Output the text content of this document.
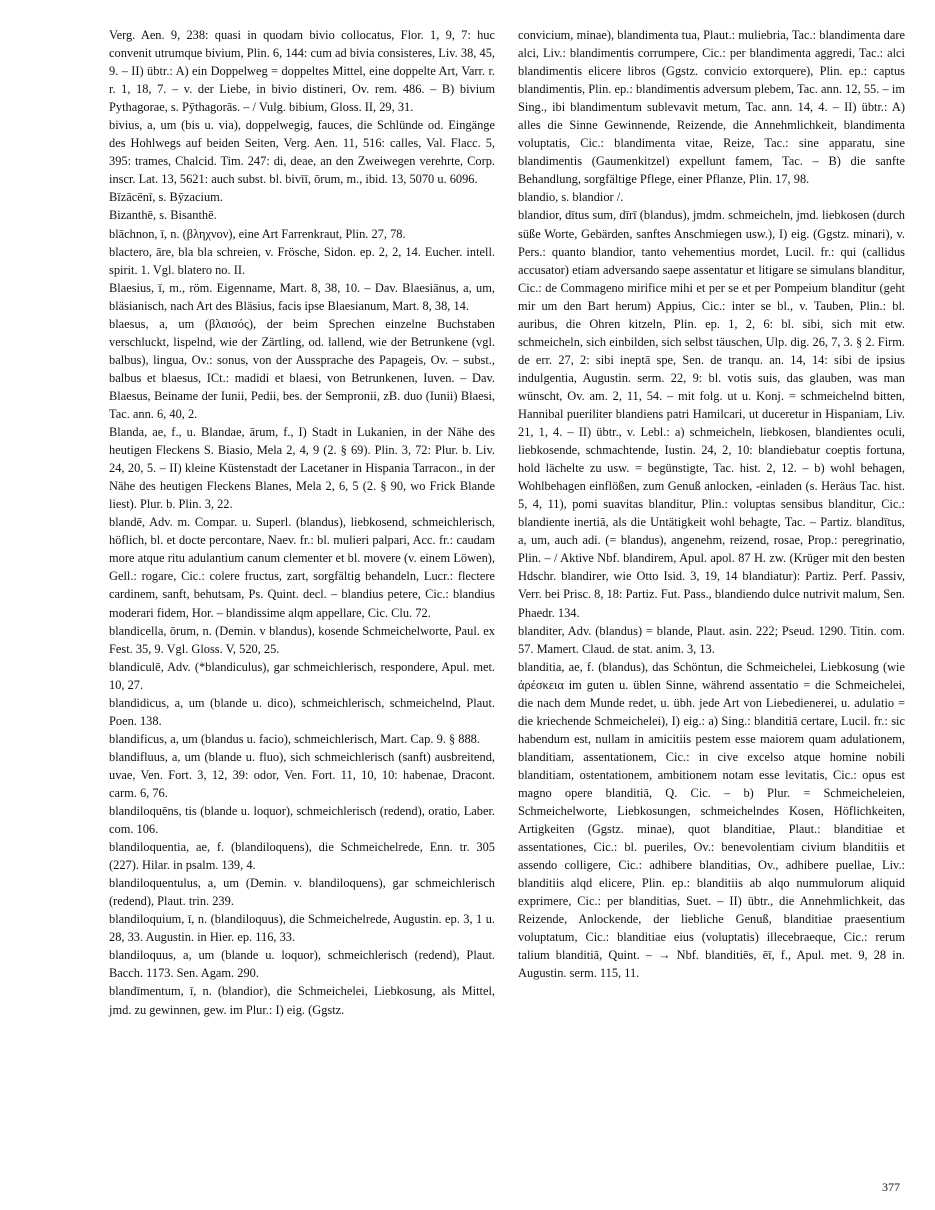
Verg. Aen. 9, 238: quasi in quodam bivio collocatus, Flor. 1, 9, 7: huc convenit utrumque bivium, Plin. 6, 144: cum ad bivia consisteres, Liv. 38, 45, 9. – II) übtr.: A) ein Doppelweg = doppeltes Mittel, eine doppelte Art, Varr. r. r. 1, 18, 7. – v. der Liebe, in bivio distineri, Ov. rem. 486. – B) bivium Pythagorae, s. Pȳthagorās. – / Vulg. bibium, Gloss. II, 29, 31.

bivius, a, um (bis u. via), doppelwegig, fauces, die Schlünde od. Eingänge des Hohlwegs auf beiden Seiten, Verg. Aen. 11, 516: calles, Val. Flacc. 5, 395: trames, Chalcid. Tim. 247: di, deae, an den Zweiwegen verehrte, Corp. inscr. Lat. 13, 5621: auch subst. bl. bivīī, ōrum, m., ibid. 13, 5070 u. 6096.

Bīzācēnī, s. Bȳzacium.

Bizanthē, s. Bisanthē.

blāchnon, ī, n. (βληχνον), eine Art Farrenkraut, Plin. 27, 78.

blactero, āre, bla bla schreien, v. Frösche, Sidon. ep. 2, 2, 14. Eucher. intell. spirit. 1. Vgl. blatero no. II.

Blaesius, ī, m., röm. Eigenname, Mart. 8, 38, 10. – Dav. Blaesiānus, a, um, bläsianisch, nach Art des Bläsius, facis ipse Blaesianum, Mart. 8, 38, 14.

blaesus, a, um (βλαισός), der beim Sprechen einzelne Buchstaben verschluckt, lispelnd, wie der Zärtling, od. lallend, wie der Betrunkene (vgl. balbus), lingua, Ov.: sonus, von der Aussprache des Papageis, Ov. – subst., balbus et blaesus, ICt.: madidi et blaesi, von Betrunkenen, Iuven. – Dav. Blaesus, Beiname der Iunii, Pedii, bes. der Sempronii, zB. duo (Iunii) Blaesi, Tac. ann. 6, 40, 2.

Blanda, ae, f., u. Blandae, ārum, f., I) Stadt in Lukanien, in der Nähe des heutigen Fleckens S. Biasio, Mela 2, 4, 9 (2. § 69). Plin. 3, 72: Plur. b. Liv. 24, 20, 5. – II) kleine Küstenstadt der Lacetaner in Hispania Tarracon., in der Nähe des heutigen Fleckens Blanes, Mela 2, 6, 5 (2. § 90, wo Frick Blande liest). Plur. b. Plin. 3, 22.

blandē, Adv. m. Compar. u. Superl. (blandus), liebkosend, schmeichlerisch, höflich, bl. et docte percontare, Naev. fr.: bl. mulieri palpari, Acc. fr.: caudam more atque ritu adulantium canum clementer et bl. movere (v. einem Löwen), Gell.: rogare, Cic.: colere fructus, zart, sorgfältig behandeln, Lucr.: flectere cardinem, sanft, behutsam, Ps. Quint. decl. – blandius petere, Cic.: blandius moderari fidem, Hor. – blandissime alqm appellare, Cic. Clu. 72.

blandicella, ōrum, n. (Demin. v blandus), kosende Schmeichelworte, Paul. ex Fest. 35, 9. Vgl. Gloss. V, 520, 25.

blandiculē, Adv. (*blandiculus), gar schmeichlerisch, respondere, Apul. met. 10, 27.

blandidicus, a, um (blande u. dico), schmeichlerisch, schmeichelnd, Plaut. Poen. 138.

blandificus, a, um (blandus u. facio), schmeichlerisch, Mart. Cap. 9. § 888.

blandifluus, a, um (blande u. fluo), sich schmeichlerisch (sanft) ausbreitend, uvae, Ven. Fort. 3, 12, 39: odor, Ven. Fort. 11, 10, 10: habenae, Dracont. carm. 6, 76.

blandiloquēns, tis (blande u. loquor), schmeichlerisch (redend), oratio, Laber. com. 106.

blandiloquentia, ae, f. (blandiloquens), die Schmeichelrede, Enn. tr. 305 (227). Hilar. in psalm. 139, 4.

blandiloquentulus, a, um (Demin. v. blandiloquens), gar schmeichlerisch (redend), Plaut. trin. 239.

blandiloquium, ī, n. (blandiloquus), die Schmeichelrede, Augustin. ep. 3, 1 u. 28, 33. Augustin. in Hier. ep. 116, 33.

blandiloquus, a, um (blande u. loquor), schmeichlerisch (redend), Plaut. Bacch. 1173. Sen. Agam. 290.

blandīmentum, ī, n. (blandior), die Schmeichelei, Liebkosung, als Mittel, jmd. zu gewinnen, gew. im Plur.: I) eig. (Ggstz.

convicium, minae), blandimenta tua, Plaut.: muliebria, Tac.: blandimenta dare alci, Liv.: blandimentis corrumpere, Cic.: per blandimenta aggredi, Tac.: alci blandimentis elicere libros (Ggstz. convicio extorquere), Plin. ep.: captus blandimentis, Plin. ep.: blandimentis adversum plebem, Tac. ann. 12, 55. – im Sing., ibi blandimentum sublevavit metum, Tac. ann. 14, 4. – II) übtr.: A) alles die Sinne Gewinnende, Reizende, die Annehmlichkeit, blandimenta voluptatis, Cic.: blandimenta vitae, Reize, Tac.: sine apparatu, sine blandimentis (Gaumenkitzel) expellunt famem, Tac. – B) die sanfte Behandlung, sorgfältige Pflege, einer Pflanze, Plin. 17, 98.

blandio, s. blandior /.

blandior, dītus sum, dīrī (blandus), jmdm. schmeicheln, jmd. liebkosen (durch süße Worte, Gebärden, sanftes Anschmiegen usw.), I) eig. (Ggstz. minari), v. Pers.: quanto blandior, tanto vehementius mordet, Lucil. fr.: qui (callidus accusator) etiam adversando saepe assentatur et litigare se simulans blanditur, Cic.: de Commageno mirifice mihi et per se et per Pompeium blanditur (geht mir um den Bart herum) Appius, Cic.: inter se bl., v. Tauben, Plin.: bl. auribus, die Ohren kitzeln, Plin. ep. 1, 2, 6: bl. sibi, sich mit etw. schmeicheln, sich einbilden, sich selbst täuschen, Ulp. dig. 26, 7, 3. § 2. Firm. de err. 27, 2: sibi ineptā spe, Sen. de tranqu. an. 14, 14: sibi de ipsius indulgentia, Augustin. serm. 22, 9: bl. votis suis, das glauben, was man wünscht, Ov. am. 2, 11, 54. – mit folg. ut u. Konj. = schmeichelnd bitten, Hannibal pueriliter blandiens patri Hamilcari, ut duceretur in Hispaniam, Liv. 21, 1, 4. – II) übtr., v. Lebl.: a) schmeicheln, liebkosen, blandientes oculi, liebkosende, schmachtende, Iustin. 24, 2, 10: blandiebatur coeptis fortuna, hold lächelte zu usw. = begünstigte, Tac. hist. 2, 12. – b) wohl behagen, Wohlbehagen einflößen, zum Genuß anlocken, -einladen (s. Heräus Tac. hist. 5, 4, 11), pomi suavitas blanditur, Plin.: voluptas sensibus blanditur, Cic.: blandiente inertiā, als die Untätigkeit wohl behagte, Tac. – Partiz. blandītus, a, um, auch adi. (= blandus), angenehm, reizend, rosae, Prop.: peregrinatio, Plin. – / Aktive Nbf. blandirem, Apul. apol. 87 H. zw. (Krüger mit den besten Hdschr. blandirer, wie Otto Isid. 3, 19, 14 blandiatur): Partiz. Perf. Passiv, Verr. bei Prisc. 8, 18: Partiz. Fut. Pass., blandiendo dulce nutrivit malum, Sen. Phaedr. 134.

blanditer, Adv. (blandus) = blande, Plaut. asin. 222; Pseud. 1290. Titin. com. 57. Mamert. Claud. de stat. anim. 3, 13.

blanditia, ae, f. (blandus), das Schöntun, die Schmeichelei, Liebkosung (wie ἀρέσκεια im guten u. üblen Sinne, während assentatio = die Schmeichelei, die nach dem Munde redet, u. übh. jede Art von Liebedienerei, u. adulatio = die kriechende Schmeichelei), I) eig.: a) Sing.: blanditiā certare, Lucil. fr.: sic habendum est, nullam in amicitiis pestem esse maiorem quam adulationem, blanditiam, assentationem, Cic.: in cive excelso atque homine nobili blanditiam, ostentationem, ambitionem notam esse levitatis, Cic.: opus est magno opere blanditiā, Q. Cic. – b) Plur. = Schmeicheleien, Schmeichelworte, Liebkosungen, schmeichelndes Kosen, Höflichkeiten, Artigkeiten (Ggstz. minae), quot blanditiae, Plaut.: blanditiae et assentationes, Cic.: bl. pueriles, Ov.: benevolentiam civium blanditiis et assendo colligere, Cic.: adhibere blanditias, Ov., adhibere puellae, Liv.: blanditiis alqd elicere, Plin. ep.: blanditiis ab alqo nummulorum aliquid exprimere, Cic.: per blanditias, Suet. – II) übtr., die Annehmlichkeit, das Reizende, Anlockende, der liebliche Genuß, blanditiae praesentium voluptatum, Cic.: blanditiae eius (voluptatis) illecebraeque, Cic.: rerum talium blanditiā, Quint. – → Nbf. blanditiēs, ēī, f., Apul. met. 9, 28 in. Augustin. serm. 115, 11.

377
